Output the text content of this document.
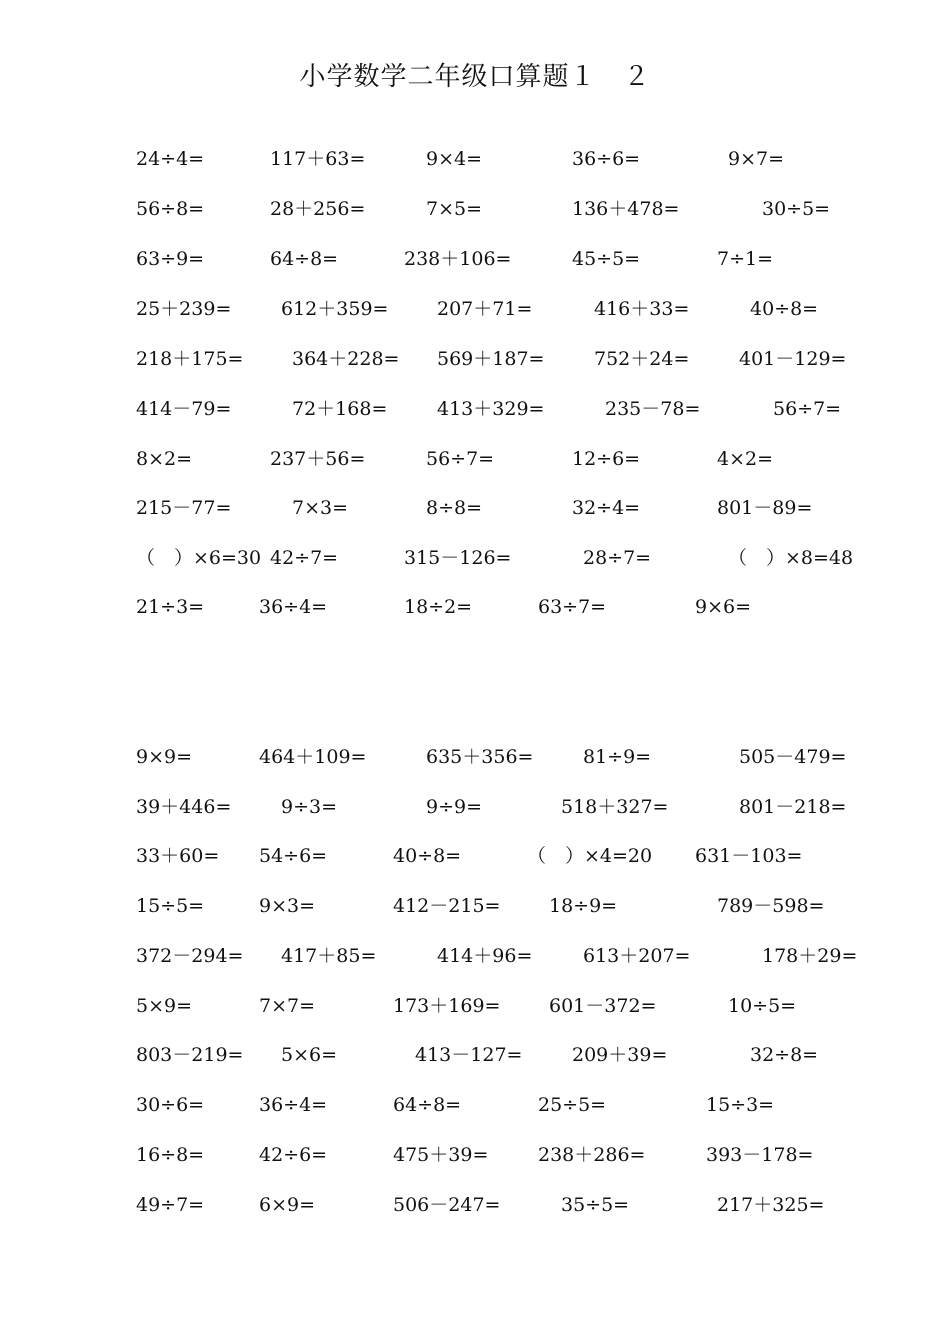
小学数学二年级口算题１　２
24÷4=	117＋63=	9×4=	36÷6=	9×7=
56÷8=	28＋256=	7×5=	136＋478=	30÷5=
63÷9=	64÷8=	238＋106=	45÷5=	7÷1=
25＋239=	612＋359=	207＋71=	416＋33=	40÷8=
218＋175=	364＋228= 569＋187=	752＋24=	401－129=
414－79=	72＋168=	413＋329=	235－78=	56÷7=
8×2=	237＋56=	56÷7=	12÷6=	4×2=
215－77=	7×3=	8÷8=	32÷4=	801－89=
（　）×6=30 42÷7=	315－126=	28÷7=	（　）×8=48
21÷3=	36÷4=	18÷2=	63÷7=	9×6=
9×9=	464＋109=	635＋356=	81÷9=	505－479=
39＋446=	9÷3=	9÷9=	518＋327=	801－218=
33＋60= 54÷6=	40÷8=	（　）×4=20 631－103=
15÷5=	9×3=	412－215=	18÷9=	789－598=
372－294= 417＋85=	414＋96=	613＋207=	178＋29=
5×9=	7×7=	173＋169=	601－372=	10÷5=
803－219= 5×6=	413－127=	209＋39=	32÷8=
30÷6=	36÷4=	64÷8=	25÷5=	15÷3=
16÷8=	42÷6=	475＋39=	238＋286=	393－178=
49÷7=	6×9=	506－247=	35÷5=	217＋325=
